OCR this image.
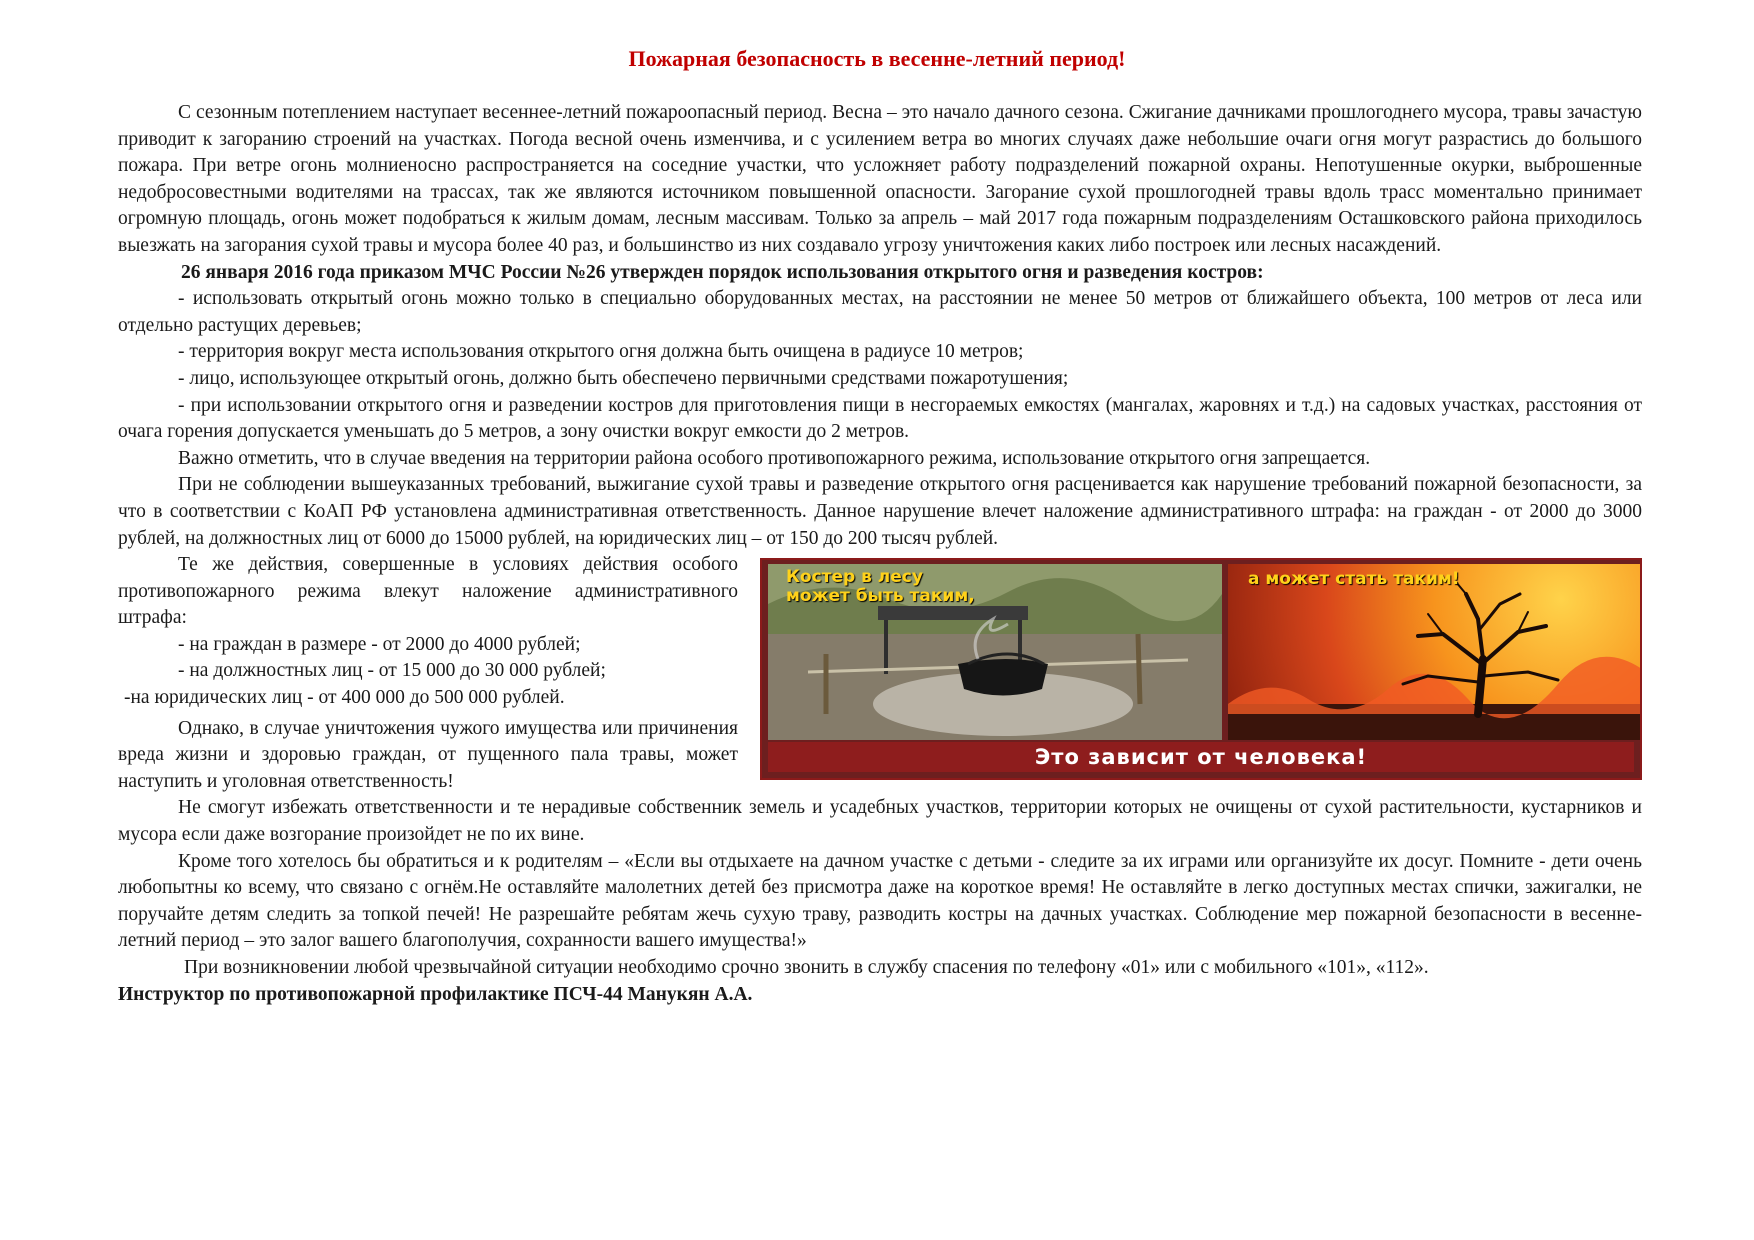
Пожарная безопасность в весенне-летний период!

С сезонным потеплением наступает весеннее-летний пожароопасный период. Весна – это начало дачного сезона. Сжигание дачниками прошлогоднего мусора, травы зачастую приводит к загоранию строений на участках. Погода весной очень изменчива, и с усилением ветра во многих случаях даже небольшие очаги огня могут разрастись до большого пожара. При ветре огонь молниеносно распространяется на соседние участки, что усложняет работу подразделений пожарной охраны. Непотушенные окурки, выброшенные недобросовестными водителями на трассах, так же являются источником повышенной опасности. Загорание сухой прошлогодней травы вдоль трасс моментально принимает огромную площадь, огонь может подобраться к жилым домам, лесным массивам. Только за апрель – май 2017 года пожарным подразделениям Осташковского района приходилось выезжать на загорания сухой травы и мусора более 40 раз, и большинство из них создавало угрозу уничтожения каких либо построек или лесных насаждений.

26 января 2016 года приказом МЧС России №26 утвержден порядок использования открытого огня и разведения костров:

- использовать открытый огонь можно только в специально оборудованных местах, на расстоянии не менее 50 метров от ближайшего объекта, 100 метров от леса или отдельно растущих деревьев;

- территория вокруг места использования открытого огня должна быть очищена в радиусе 10 метров;

- лицо, использующее открытый огонь, должно быть обеспечено первичными средствами пожаротушения;

- при использовании открытого огня и разведении костров для приготовления пищи в несгораемых емкостях (мангалах, жаровнях и т.д.) на садовых участках, расстояния от очага горения допускается уменьшать до 5 метров, а зону очистки вокруг емкости до 2 метров.

Важно отметить, что в случае введения на территории района особого противопожарного режима, использование открытого огня запрещается.

При не соблюдении вышеуказанных требований, выжигание сухой травы и разведение открытого огня расценивается как нарушение требований пожарной безопасности, за что в соответствии с КоАП РФ установлена административная ответственность. Данное нарушение влечет наложение административного штрафа: на граждан - от 2000 до 3000 рублей, на должностных лиц от 6000 до 15000 рублей, на юридических лиц – от 150 до 200 тысяч рублей.

Те же действия, совершенные в условиях действия особого противопожарного режима влекут наложение административного штрафа:

- на граждан в размере - от 2000 до 4000 рублей;

- на должностных лиц - от 15 000 до 30 000 рублей;

-на юридических лиц - от 400 000 до 500 000 рублей.

Однако, в случае уничтожения чужого имущества или причинения вреда жизни и здоровью граждан, от пущенного пала травы, может наступить и уголовная ответственность!

Костер в лесу
может быть таким,
а может стать таким!
Это зависит от человека!

Не смогут избежать ответственности и те нерадивые собственник земель и усадебных участков, территории которых не очищены от сухой растительности, кустарников и мусора если даже возгорание произойдет не по их вине.

Кроме того хотелось бы обратиться и к родителям – «Если вы отдыхаете на дачном участке с детьми - следите за их играми или организуйте их досуг. Помните - дети очень любопытны ко всему, что связано с огнём.Не оставляйте малолетних детей без присмотра даже на короткое время! Не оставляйте в легко доступных местах спички, зажигалки, не поручайте детям следить за топкой печей! Не разрешайте ребятам жечь сухую траву, разводить костры на дачных участках. Соблюдение мер пожарной безопасности в весенне-летний период – это залог вашего благополучия, сохранности вашего имущества!»

При возникновении любой чрезвычайной ситуации необходимо срочно звонить в службу спасения по телефону «01» или с мобильного «101», «112».

Инструктор по противопожарной профилактике ПСЧ-44 Манукян А.А.
